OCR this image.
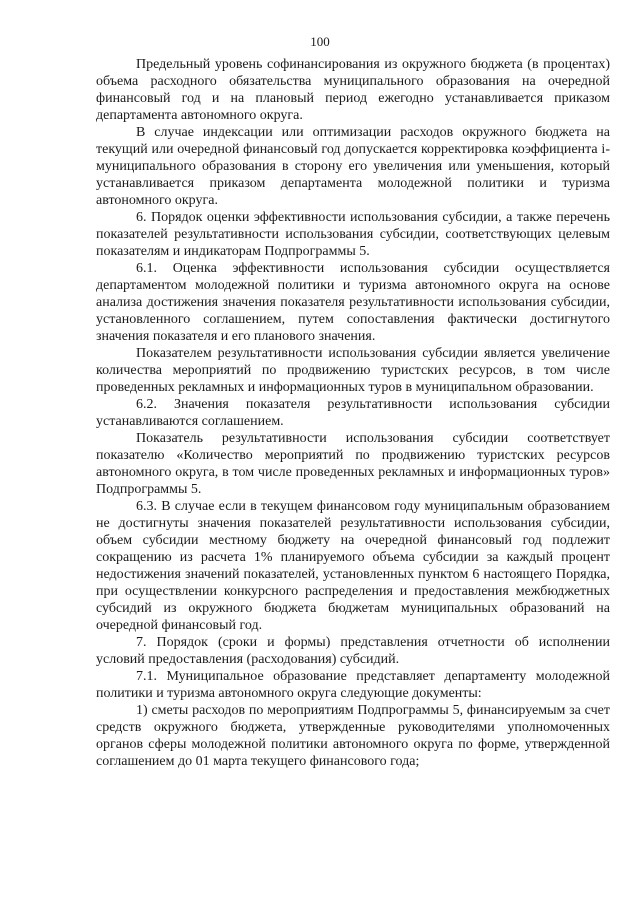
100

Предельный уровень софинансирования из окружного бюджета (в процентах) объема расходного обязательства муниципального образования на очередной финансовый год и на плановый период ежегодно устанавливается приказом департамента автономного округа.

В случае индексации или оптимизации расходов окружного бюджета на текущий или очередной финансовый год допускается корректировка коэффициента i-муниципального образования в сторону его увеличения или уменьшения, который устанавливается приказом департамента молодежной политики и туризма автономного округа.

6. Порядок оценки эффективности использования субсидии, а также перечень показателей результативности использования субсидии, соответствующих целевым показателям и индикаторам Подпрограммы 5.

6.1. Оценка эффективности использования субсидии осуществляется департаментом молодежной политики и туризма автономного округа на основе анализа достижения значения показателя результативности использования субсидии, установленного соглашением, путем сопоставления фактически достигнутого значения показателя и его планового значения.

Показателем результативности использования субсидии является увеличение количества мероприятий по продвижению туристских ресурсов, в том числе проведенных рекламных и информационных туров в муниципальном образовании.

6.2. Значения показателя результативности использования субсидии устанавливаются соглашением.

Показатель результативности использования субсидии соответствует показателю «Количество мероприятий по продвижению туристских ресурсов автономного округа, в том числе проведенных рекламных и информационных туров» Подпрограммы 5.

6.3. В случае если в текущем финансовом году муниципальным образованием не достигнуты значения показателей результативности использования субсидии, объем субсидии местному бюджету на очередной финансовый год подлежит сокращению из расчета 1% планируемого объема субсидии за каждый процент недостижения значений показателей, установленных пунктом 6 настоящего Порядка, при осуществлении конкурсного распределения и предоставления межбюджетных субсидий из окружного бюджета бюджетам муниципальных образований на очередной финансовый год.

7. Порядок (сроки и формы) представления отчетности об исполнении условий предоставления (расходования) субсидий.

7.1. Муниципальное образование представляет департаменту молодежной политики и туризма автономного округа следующие документы:

1) сметы расходов по мероприятиям Подпрограммы 5, финансируемым за счет средств окружного бюджета, утвержденные руководителями уполномоченных органов сферы молодежной политики автономного округа по форме, утвержденной соглашением до 01 марта текущего финансового года;
